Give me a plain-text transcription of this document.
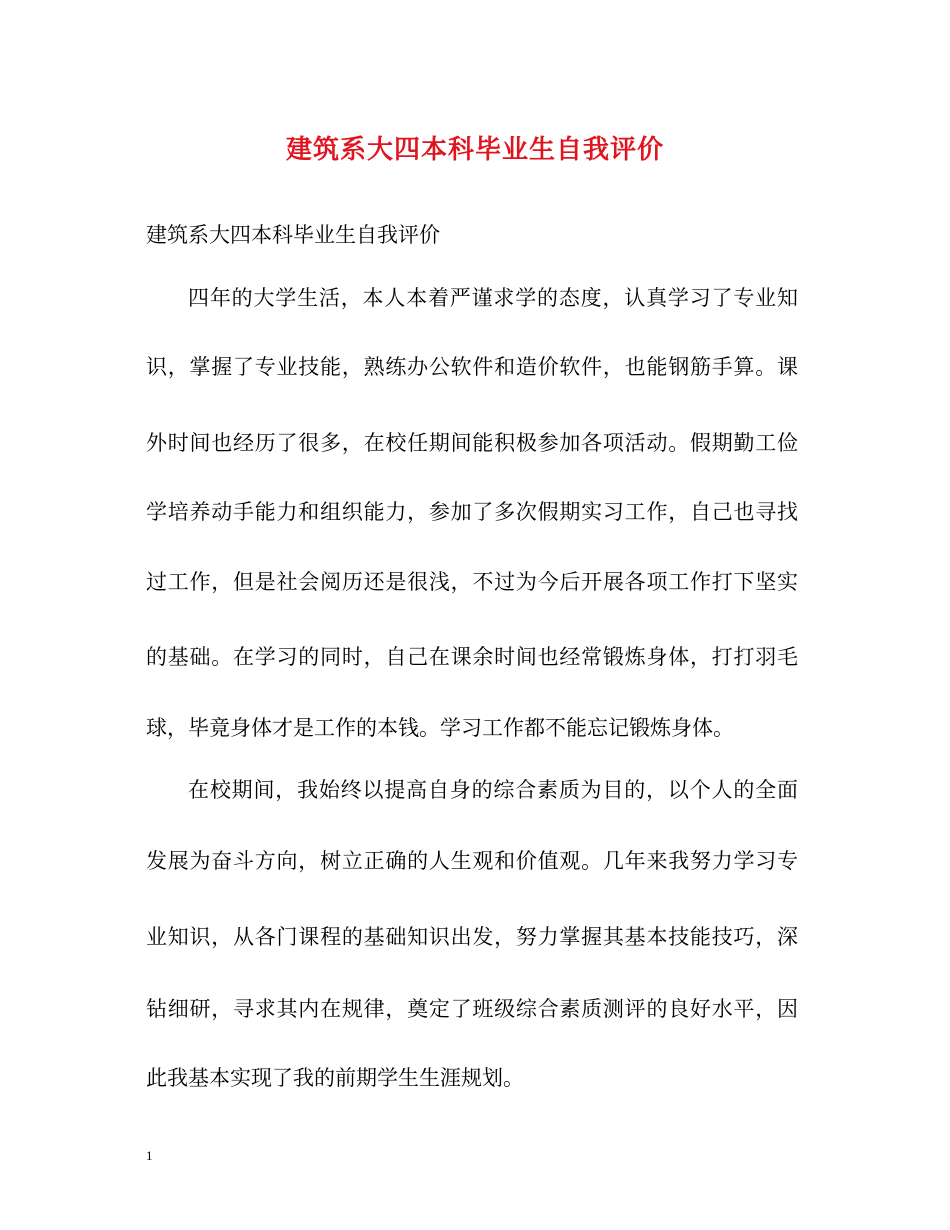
建筑系大四本科毕业生自我评价
建筑系大四本科毕业生自我评价
四年的大学生活，本人本着严谨求学的态度，认真学习了专业知
识，掌握了专业技能，熟练办公软件和造价软件，也能钢筋手算。课
外时间也经历了很多，在校任期间能积极参加各项活动。假期勤工俭
学培养动手能力和组织能力，参加了多次假期实习工作，自己也寻找
过工作，但是社会阅历还是很浅，不过为今后开展各项工作打下坚实
的基础。在学习的同时，自己在课余时间也经常锻炼身体，打打羽毛
球，毕竟身体才是工作的本钱。学习工作都不能忘记锻炼身体。
在校期间，我始终以提高自身的综合素质为目的，以个人的全面
发展为奋斗方向，树立正确的人生观和价值观。几年来我努力学习专
业知识，从各门课程的基础知识出发，努力掌握其基本技能技巧，深
钻细研，寻求其内在规律，奠定了班级综合素质测评的良好水平，因
此我基本实现了我的前期学生生涯规划。
1
